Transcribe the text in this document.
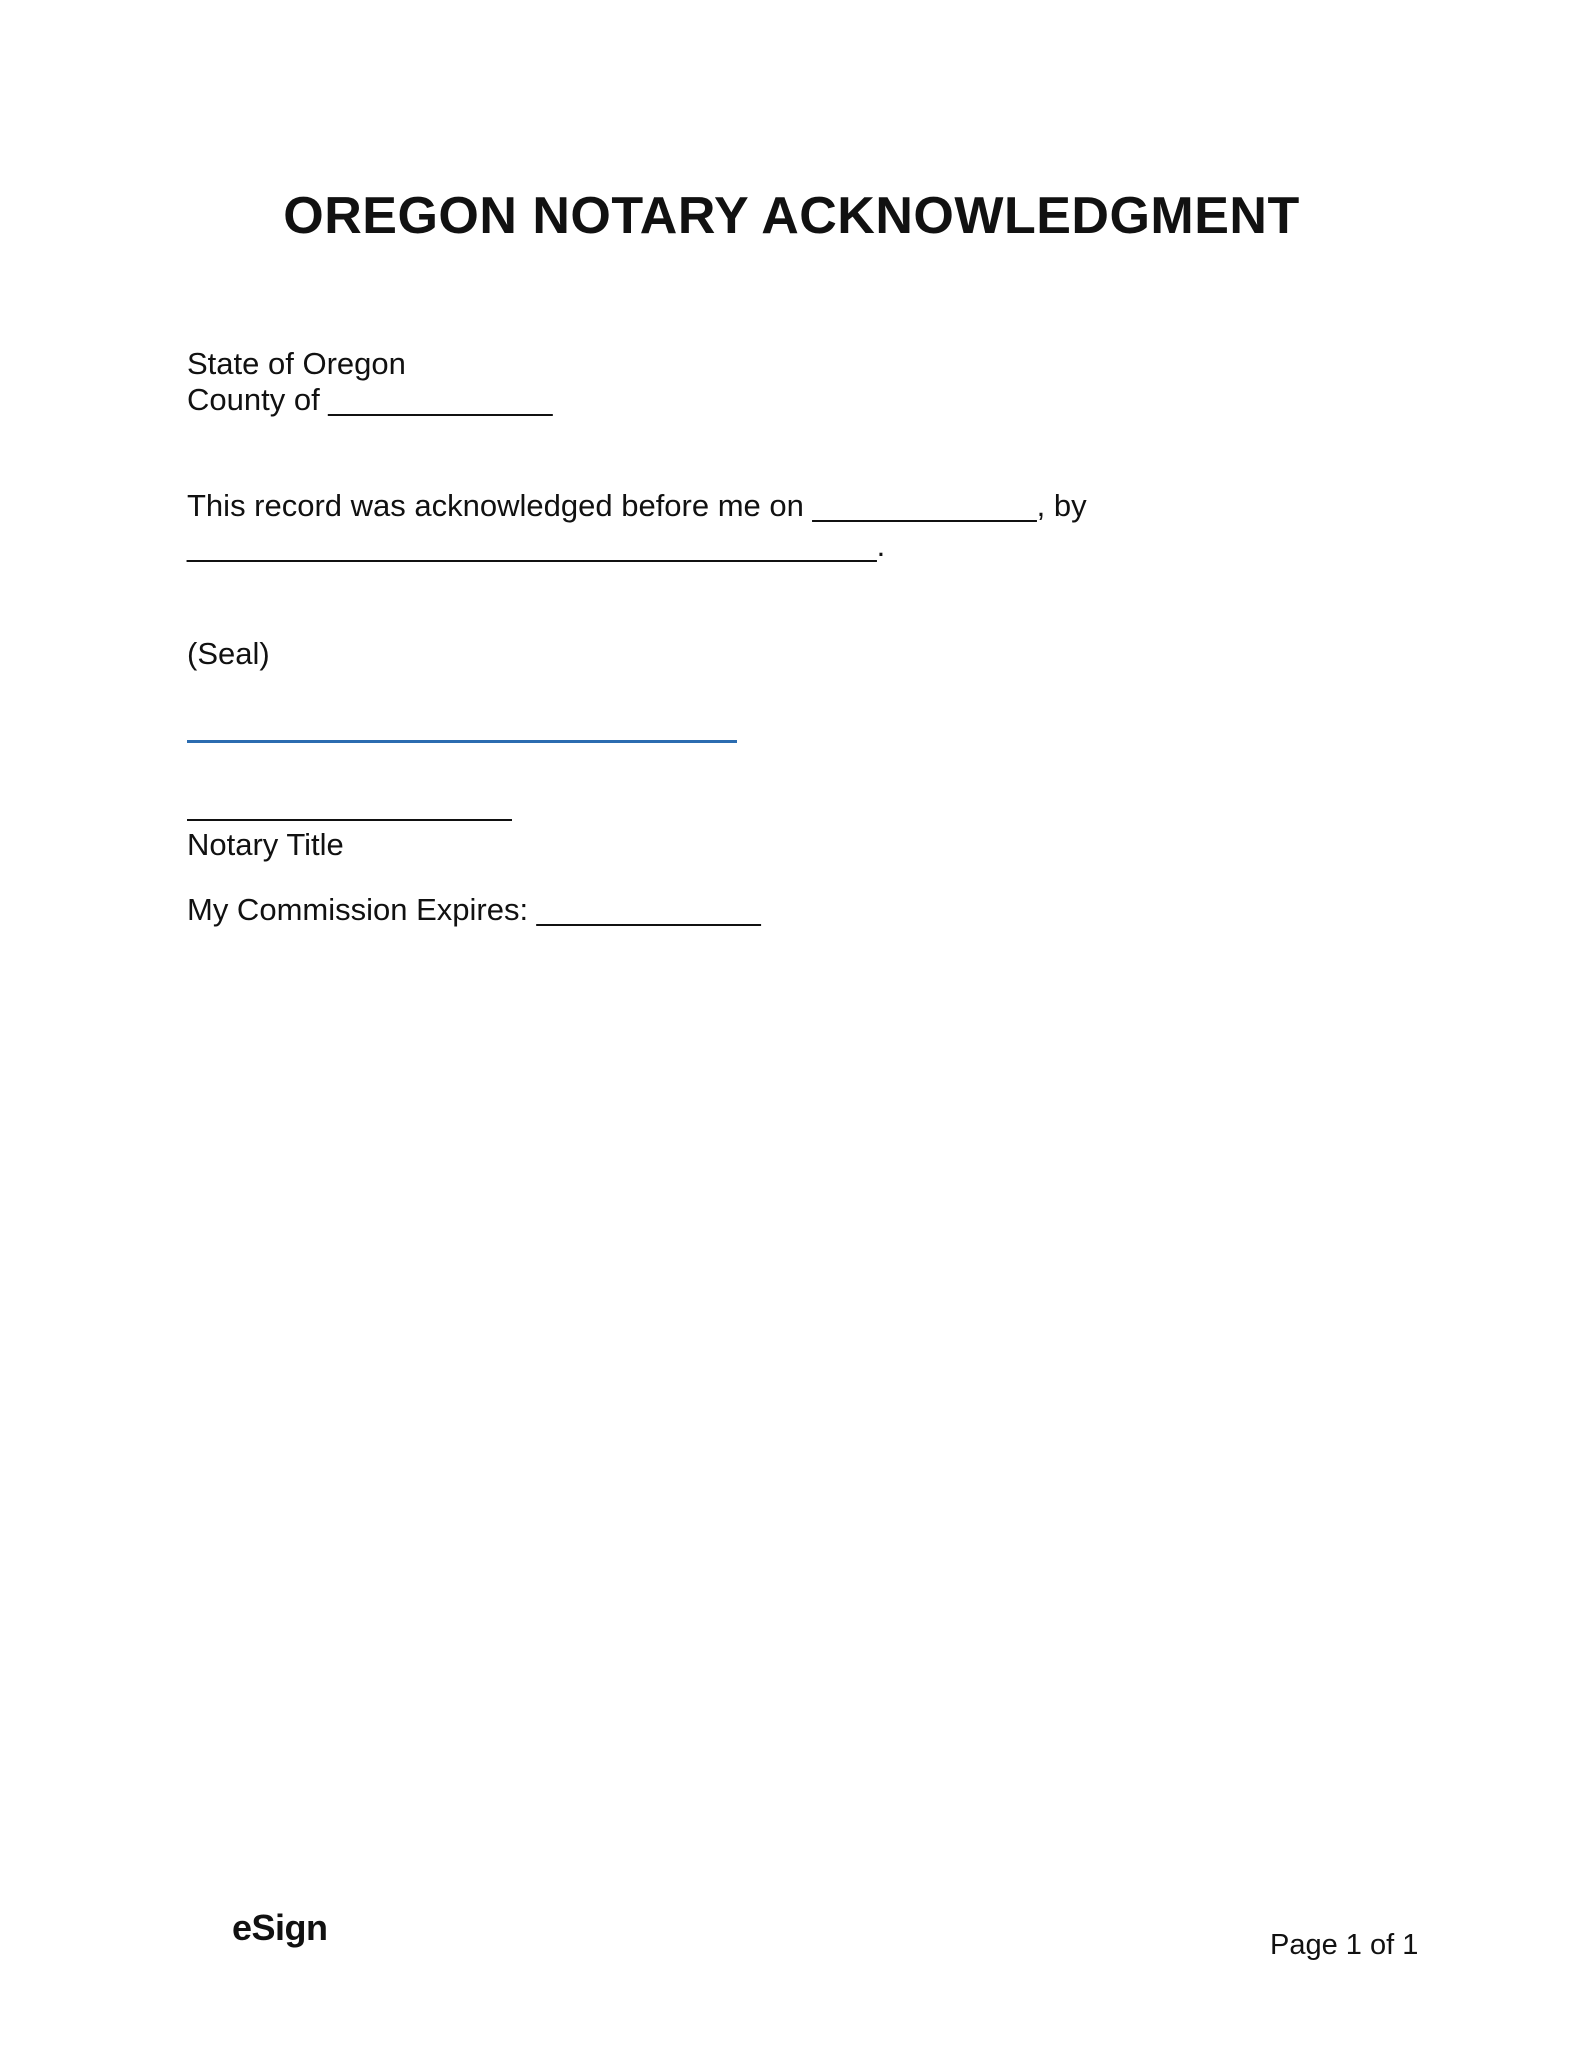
OREGON NOTARY ACKNOWLEDGMENT
State of Oregon
County of _____________
This record was acknowledged before me on _____________, by
________________________________________.
(Seal)
Notary Title
My Commission Expires: _____________
eSign	Page 1 of 1
